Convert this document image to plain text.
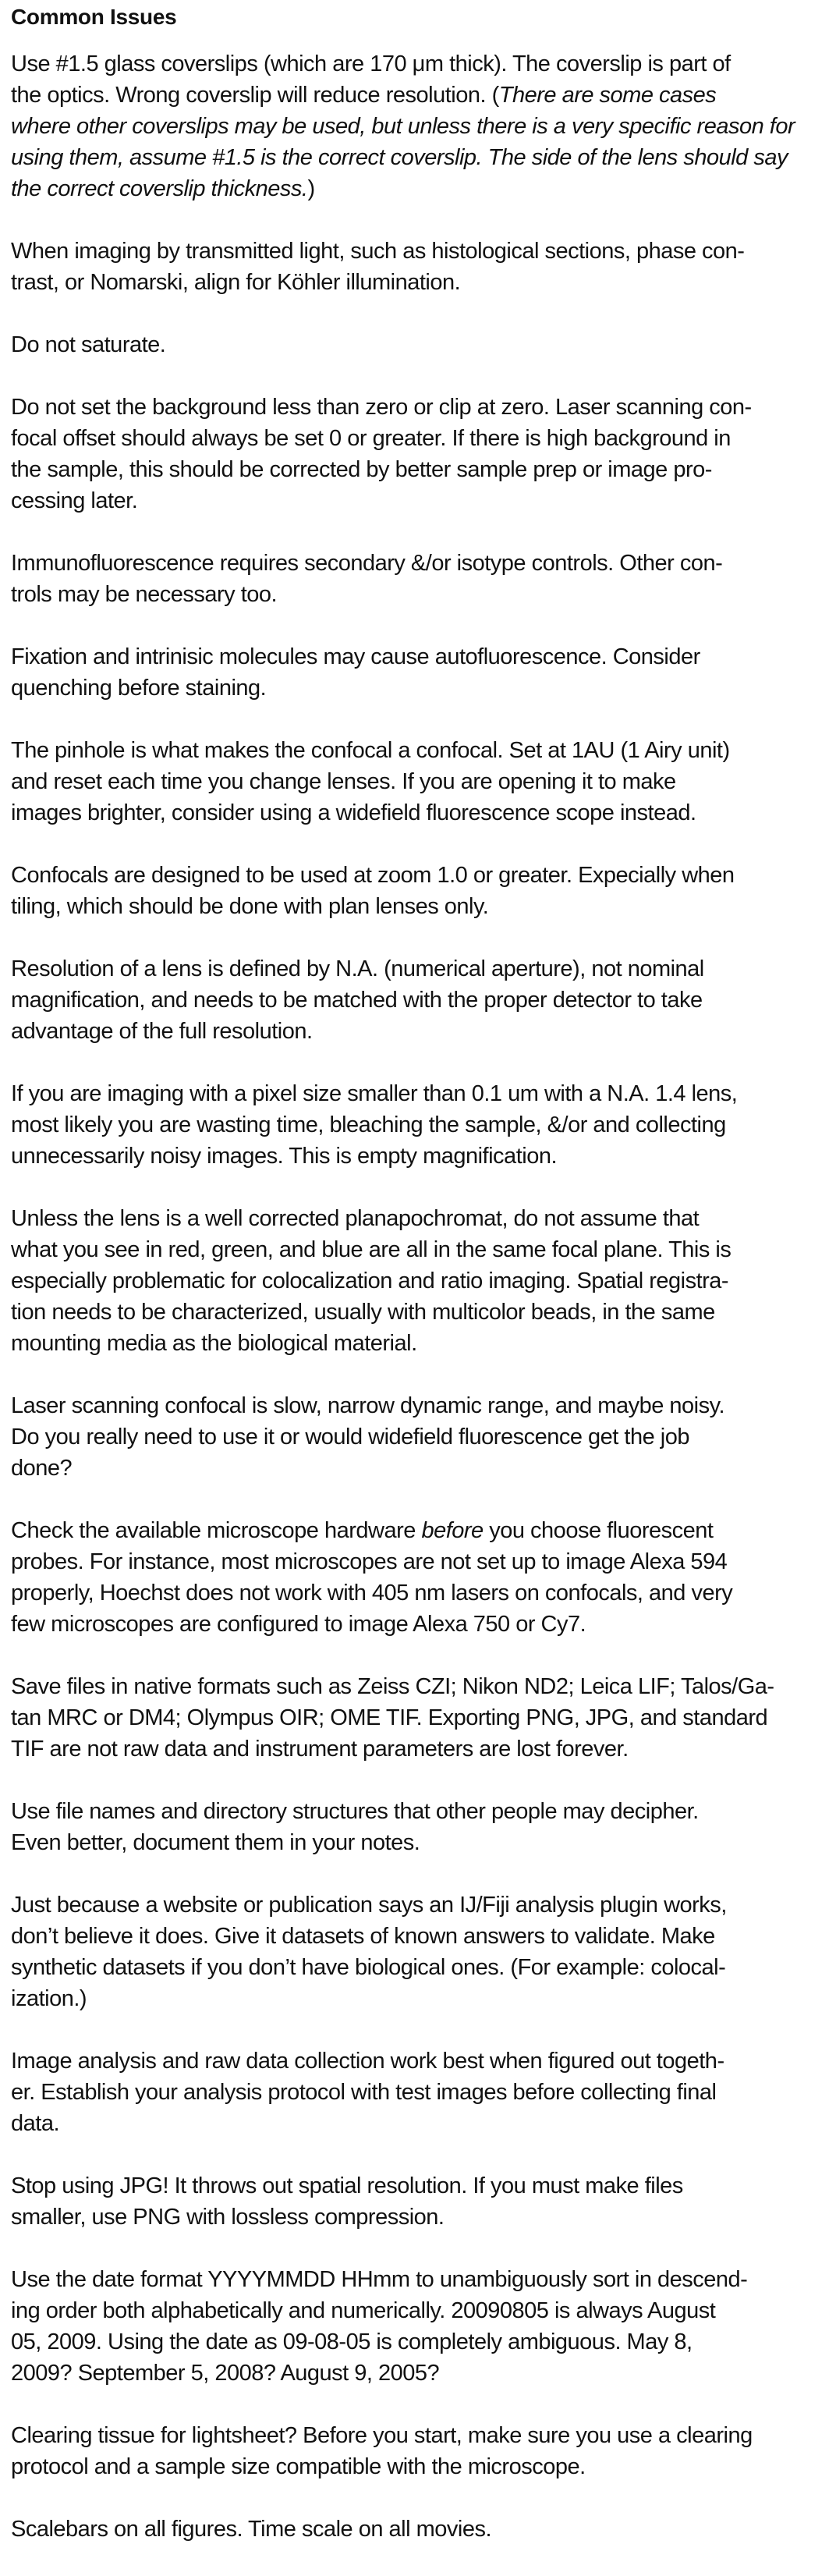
Common Issues
Use #1.5 glass coverslips (which are 170 μm thick). The coverslip is part of
the optics. Wrong coverslip will reduce resolution. (There are some cases
where other coverslips may be used, but unless there is a very specific reason for
using them, assume #1.5 is the correct coverslip. The side of the lens should say
the correct coverslip thickness.)
When imaging by transmitted light, such as histological sections, phase con-
trast, or Nomarski, align for Köhler illumination.
Do not saturate.
Do not set the background less than zero or clip at zero. Laser scanning con-
focal offset should always be set 0 or greater. If there is high background in
the sample, this should be corrected by better sample prep or image pro-
cessing later.
Immunofluorescence requires secondary &/or isotype controls. Other con-
trols may be necessary too.
Fixation and intrinisic molecules may cause autofluorescence. Consider
quenching before staining.
The pinhole is what makes the confocal a confocal. Set at 1AU (1 Airy unit)
and reset each time you change lenses. If you are opening it to make
images brighter, consider using a widefield fluorescence scope instead.
Confocals are designed to be used at zoom 1.0 or greater. Expecially when
tiling, which should be done with plan lenses only.
Resolution of a lens is defined by N.A. (numerical aperture), not nominal
magnification, and needs to be matched with the proper detector to take
advantage of the full resolution.
If you are imaging with a pixel size smaller than 0.1 um with a N.A. 1.4 lens,
most likely you are wasting time, bleaching the sample, &/or and collecting
unnecessarily noisy images. This is empty magnification.
Unless the lens is a well corrected planapochromat, do not assume that
what you see in red, green, and blue are all in the same focal plane. This is
especially problematic for colocalization and ratio imaging. Spatial registra-
tion needs to be characterized, usually with multicolor beads, in the same
mounting media as the biological material.
Laser scanning confocal is slow, narrow dynamic range, and maybe noisy.
Do you really need to use it or would widefield fluorescence get the job
done?
Check the available microscope hardware before you choose fluorescent
probes. For instance, most microscopes are not set up to image Alexa 594
properly, Hoechst does not work with 405 nm lasers on confocals, and very
few microscopes are configured to image Alexa 750 or Cy7.
Save files in native formats such as Zeiss CZI; Nikon ND2; Leica LIF; Talos/Ga-
tan MRC or DM4; Olympus OIR; OME TIF. Exporting PNG, JPG, and standard
TIF are not raw data and instrument parameters are lost forever.
Use file names and directory structures that other people may decipher.
Even better, document them in your notes.
Just because a website or publication says an IJ/Fiji analysis plugin works,
don’t believe it does. Give it datasets of known answers to validate. Make
synthetic datasets if you don’t have biological ones. (For example: colocal-
ization.)
Image analysis and raw data collection work best when figured out togeth-
er. Establish your analysis protocol with test images before collecting final
data.
Stop using JPG! It throws out spatial resolution. If you must make files
smaller, use PNG with lossless compression.
Use the date format YYYYMMDD HHmm to unambiguously sort in descend-
ing order both alphabetically and numerically. 20090805 is always August
05, 2009. Using the date as 09-08-05 is completely ambiguous. May 8,
2009? September 5, 2008? August 9, 2005?
Clearing tissue for lightsheet? Before you start, make sure you use a clearing
protocol and a sample size compatible with the microscope.
Scalebars on all figures. Time scale on all movies.
